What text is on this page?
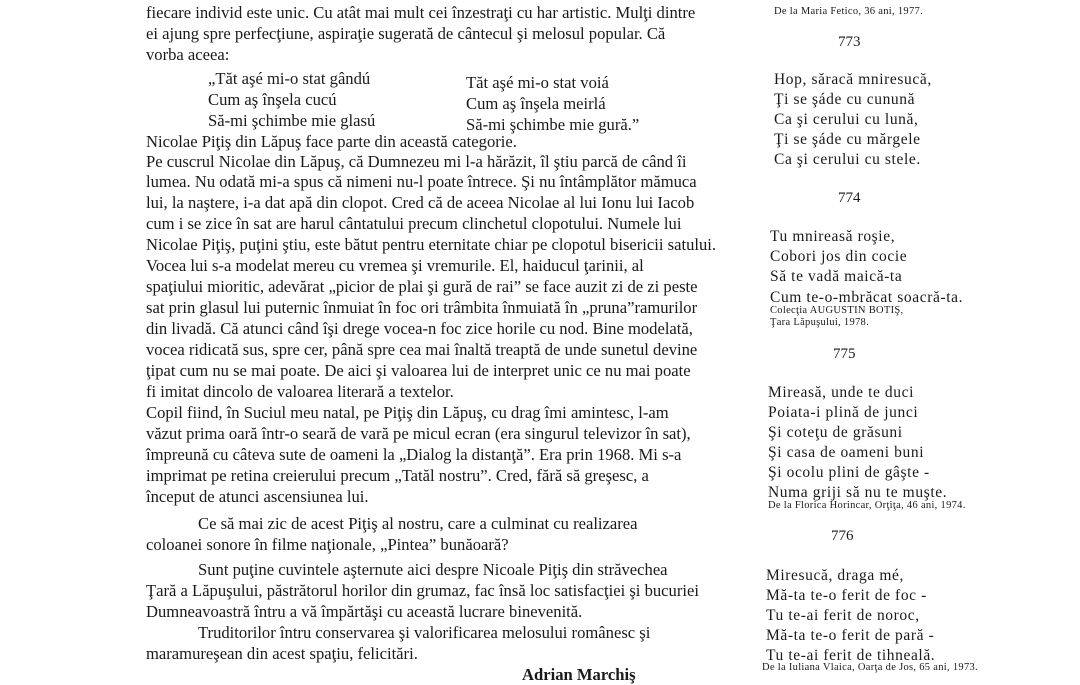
fiecare individ este unic. Cu atât mai mult cei înzestraţi cu har artistic. Mulţi dintre
ei ajung spre perfecţiune, aspiraţie sugerată de cântecul şi melosul popular. Că
vorba aceea:
„Tăt aşé mi-o stat gândú	Tăt aşé mi-o stat voiá
Cum aş înşela cucú	Cum aş înşela meirlá
Să-mi şchimbe mie glasú	Să-mi şchimbe mie gură.”
Nicolae Piţiş din Lăpuş face parte din această categorie.
Pe cuscrul Nicolae din Lăpuş, că Dumnezeu mi l-a hărăzit, îl ştiu parcă de când îi
lumea. Nu odată mi-a spus că nimeni nu-l poate întrece. Şi nu întâmplător mămuca
lui, la naştere, i-a dat apă din clopot. Cred că de aceea Nicolae al lui Ionu lui Iacob
cum i se zice în sat are harul cântatului precum clinchetul clopotului. Numele lui
Nicolae Piţiş, puţini ştiu, este bătut pentru eternitate chiar pe clopotul bisericii satului.
Vocea lui s-a modelat mereu cu vremea şi vremurile. El, haiducul ţarinii, al
spaţiului mioritic, adevărat „picior de plai şi gură de rai” se face auzit zi de zi peste
sat prin glasul lui puternic înmuiat în foc ori trâmbita înmuiată în „pruna”ramurilor
din livadă. Că atunci când îşi drege vocea-n foc zice horile cu nod. Bine modelată,
vocea ridicată sus, spre cer, până spre cea mai înaltă treaptă de unde sunetul devine
ţipat cum nu se mai poate. De aici şi valoarea lui de interpret unic ce nu mai poate
fi imitat dincolo de valoarea literară a textelor.
Copil fiind, în Suciul meu natal, pe Piţiş din Lăpuş, cu drag îmi amintesc, l-am
văzut prima oară într-o seară de vară pe micul ecran (era singurul televizor în sat),
împreună cu câteva sute de oameni la „Dialog la distanţă”. Era prin 1968. Mi s-a
imprimat pe retina creierului precum „Tatăl nostru”. Cred, fără să greşesc, a
început de atunci ascensiunea lui.
Ce să mai zic de acest Piţiş al nostru, care a culminat cu realizarea
coloanei sonore în filme naţionale, „Pintea” bunăoară?
Sunt puţine cuvintele aşternute aici despre Nicoale Piţiş din străvechea
Ţară a Lăpuşului, păstrătorul horilor din grumaz, fac însă loc satisfacţiei şi bucuriei
Dumneavoastră întru a vă împărtăşi cu această lucrare binevenită.
Truditorilor întru conservarea şi valorificarea melosului românesc şi
maramureşean din acest spaţiu, felicitări.
Adrian Marchiş
De la Maria Fetico, 36 ani, 1977.
773
Hop, săracă mniresucă,
Ţi se şáde cu cunună
Ca şi cerului cu lună,
Ţi se şáde cu mărgele
Ca şi cerului cu stele.
774
Tu mnireasă roşie,
Cobori jos din cocie
Să te vadă maică-ta
Cum te-o-mbrăcat soacră-ta.
Colecţia AUGUSTIN BOTIŞ,
Ţara Lăpuşului, 1978.
775
Mireasă, unde te duci
Poiata-i plină de junci
Şi coteţu de grăsuni
Şi casa de oameni buni
Şi ocolu plini de gâşte -
Numa griji să nu te muşte.
De la Florica Horincar, Orţiţa, 46 ani, 1974.
776
Miresucă, draga mé,
Mă-ta te-o ferit de foc -
Tu te-ai ferit de noroc,
Mă-ta te-o ferit de pară -
Tu te-ai ferit de tihneală.
De la Iuliana Vlaica, Oarţa de Jos, 65 ani, 1973.
